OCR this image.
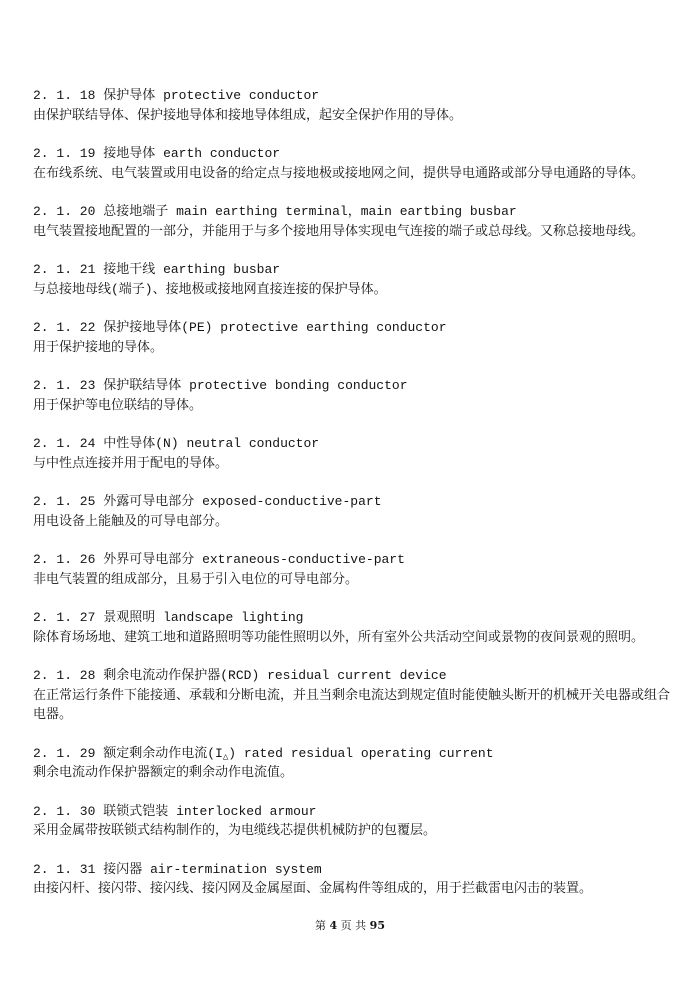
2. 1. 18 保护导体 protective conductor
由保护联结导体、保护接地导体和接地导体组成，起安全保护作用的导体。
2. 1. 19 接地导体 earth conductor
在布线系统、电气装置或用电设备的给定点与接地极或接地网之间，提供导电通路或部分导电通路的导体。
2. 1. 20 总接地端子 main earthing terminal，main eartbing busbar
电气装置接地配置的一部分，并能用于与多个接地用导体实现电气连接的端子或总母线。又称总接地母线。
2. 1. 21 接地干线 earthing busbar
与总接地母线(端子)、接地极或接地网直接连接的保护导体。
2. 1. 22 保护接地导体(PE) protective earthing conductor
用于保护接地的导体。
2. 1. 23 保护联结导体 protective bonding conductor
用于保护等电位联结的导体。
2. 1. 24 中性导体(N) neutral conductor
与中性点连接并用于配电的导体。
2. 1. 25 外露可导电部分 exposed-conductive-part
用电设备上能触及的可导电部分。
2. 1. 26 外界可导电部分 extraneous-conductive-part
非电气装置的组成部分，且易于引入电位的可导电部分。
2. 1. 27 景观照明 landscape lighting
除体育场场地、建筑工地和道路照明等功能性照明以外，所有室外公共活动空间或景物的夜间景观的照明。
2. 1. 28 剩余电流动作保护器(RCD) residual current device
在正常运行条件下能接通、承载和分断电流，并且当剩余电流达到规定值时能使触头断开的机械开关电器或组合
电器。
2. 1. 29 额定剩余动作电流$(I_\triangle)$ rated residual operating current
剩余电流动作保护器额定的剩余动作电流值。
2. 1. 30 联锁式铠装 interlocked armour
采用金属带按联锁式结构制作的，为电缆线芯提供机械防护的包覆层。
2. 1. 31 接闪器 air-termination system
由接闪杆、接闪带、接闪线、接闪网及金属屋面、金属构件等组成的，用于拦截雷电闪击的装置。
第 4 页 共 95
